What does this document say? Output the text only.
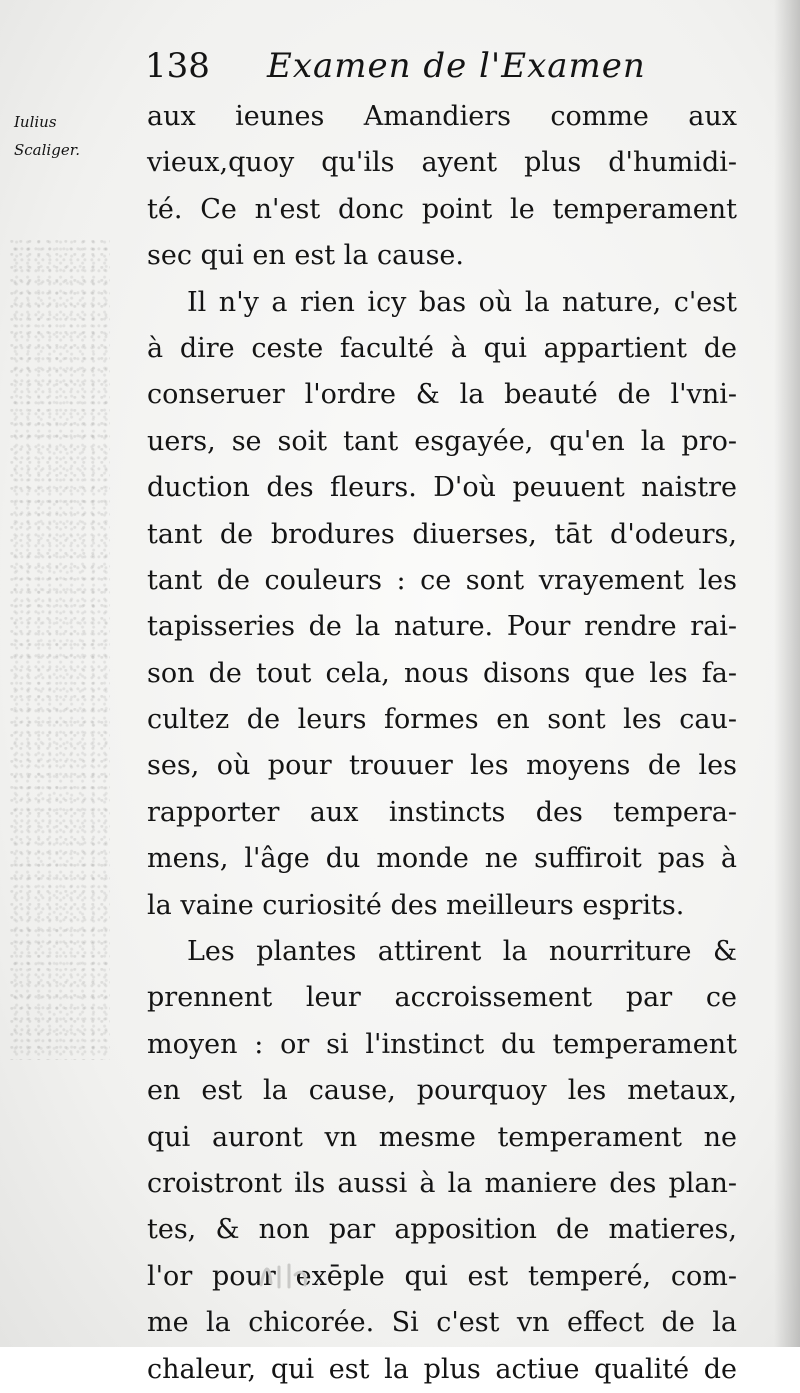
138 Examen de l'Examen
Iulius
Scaliger.
aux ieunes Amandiers comme aux
vieux,quoy qu'ils ayent plus d'humidi-
té. Ce n'est donc point le temperament
sec qui en est la cause.
Il n'y a rien icy bas où la nature, c'est
à dire ceste faculté à qui appartient de
conseruer l'ordre & la beauté de l'vni-
uers, se soit tant esgayée, qu'en la pro-
duction des fleurs. D'où peuuent naistre
tant de brodures diuerses, tāt d'odeurs,
tant de couleurs : ce sont vrayement les
tapisseries de la nature. Pour rendre rai-
son de tout cela, nous disons que les fa-
cultez de leurs formes en sont les cau-
ses, où pour trouuer les moyens de les
rapporter aux instincts des tempera-
mens, l'âge du monde ne suffiroit pas à
la vaine curiosité des meilleurs esprits.
Les plantes attirent la nourriture &
prennent leur accroissement par ce
moyen : or si l'instinct du temperament
en est la cause, pourquoy les metaux,
qui auront vn mesme temperament ne
croistront ils aussi à la maniere des plan-
tes, & non par apposition de matieres,
l'or pour exēple qui est temperé, com-
me la chicorée. Si c'est vn effect de la
chaleur, qui est la plus actiue qualité de
